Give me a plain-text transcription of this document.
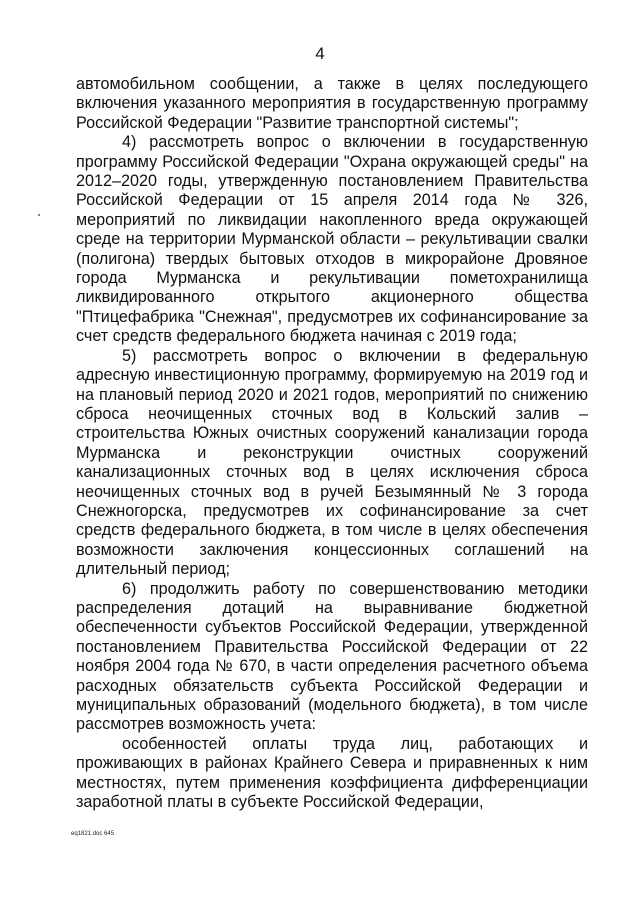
4

автомобильном сообщении, а также в целях последующего включения указанного мероприятия в государственную программу Российской Федерации "Развитие транспортной системы";

4) рассмотреть вопрос о включении в государственную программу Российской Федерации "Охрана окружающей среды" на 2012–2020 годы, утвержденную постановлением Правительства Российской Федерации от 15 апреля 2014 года № 326, мероприятий по ликвидации накопленного вреда окружающей среде на территории Мурманской области – рекультивации свалки (полигона) твердых бытовых отходов в микрорайоне Дровяное города Мурманска и рекультивации пометохранилища ликвидированного открытого акционерного общества "Птицефабрика "Снежная", предусмотрев их софинансирование за счет средств федерального бюджета начиная с 2019 года;

5) рассмотреть вопрос о включении в федеральную адресную инвестиционную программу, формируемую на 2019 год и на плановый период 2020 и 2021 годов, мероприятий по снижению сброса неочищенных сточных вод в Кольский залив – строительства Южных очистных сооружений канализации города Мурманска и реконструкции очистных сооружений канализационных сточных вод в целях исключения сброса неочищенных сточных вод в ручей Безымянный № 3 города Снежногорска, предусмотрев их софинансирование за счет средств федерального бюджета, в том числе в целях обеспечения возможности заключения концессионных соглашений на длительный период;

6) продолжить работу по совершенствованию методики распределения дотаций на выравнивание бюджетной обеспеченности субъектов Российской Федерации, утвержденной постановлением Правительства Российской Федерации от 22 ноября 2004 года № 670, в части определения расчетного объема расходных обязательств субъекта Российской Федерации и муниципальных образований (модельного бюджета), в том числе рассмотрев возможность учета:

особенностей оплаты труда лиц, работающих и проживающих в районах Крайнего Севера и приравненных к ним местностях, путем применения коэффициента дифференциации заработной платы в субъекте Российской Федерации,

eq1821.doc 645
